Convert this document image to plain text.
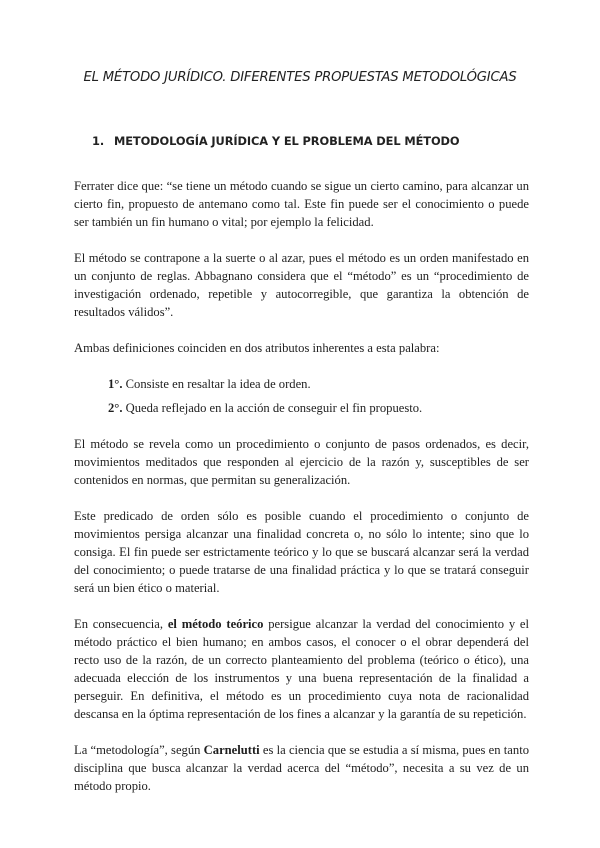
EL MÉTODO JURÍDICO. DIFERENTES PROPUESTAS METODOLÓGICAS
1. METODOLOGÍA JURÍDICA Y EL PROBLEMA DEL MÉTODO

Ferrater dice que: “se tiene un método cuando se sigue un cierto camino, para alcanzar un cierto fin, propuesto de antemano como tal. Este fin puede ser el conocimiento o puede ser también un fin humano o vital; por ejemplo la felicidad.

El método se contrapone a la suerte o al azar, pues el método es un orden manifestado en un conjunto de reglas. Abbagnano considera que el “método” es un “procedimiento de investigación ordenado, repetible y autocorregible, que garantiza la obtención de resultados válidos”.

Ambas definiciones coinciden en dos atributos inherentes a esta palabra:

1°. Consiste en resaltar la idea de orden.

2°. Queda reflejado en la acción de conseguir el fin propuesto.

El método se revela como un procedimiento o conjunto de pasos ordenados, es decir, movimientos meditados que responden al ejercicio de la razón y, susceptibles de ser contenidos en normas, que permitan su generalización.

Este predicado de orden sólo es posible cuando el procedimiento o conjunto de movimientos persiga alcanzar una finalidad concreta o, no sólo lo intente; sino que lo consiga. El fin puede ser estrictamente teórico y lo que se buscará alcanzar será la verdad del conocimiento; o puede tratarse de una finalidad práctica y lo que se tratará conseguir será un bien ético o material.

En consecuencia, el método teórico persigue alcanzar la verdad del conocimiento y el método práctico el bien humano; en ambos casos, el conocer o el obrar dependerá del recto uso de la razón, de un correcto planteamiento del problema (teórico o ético), una adecuada elección de los instrumentos y una buena representación de la finalidad a perseguir. En definitiva, el método es un procedimiento cuya nota de racionalidad descansa en la óptima representación de los fines a alcanzar y la garantía de su repetición.

La “metodología”, según Carnelutti es la ciencia que se estudia a sí misma, pues en tanto disciplina que busca alcanzar la verdad acerca del “método”, necesita a su vez de un método propio.
